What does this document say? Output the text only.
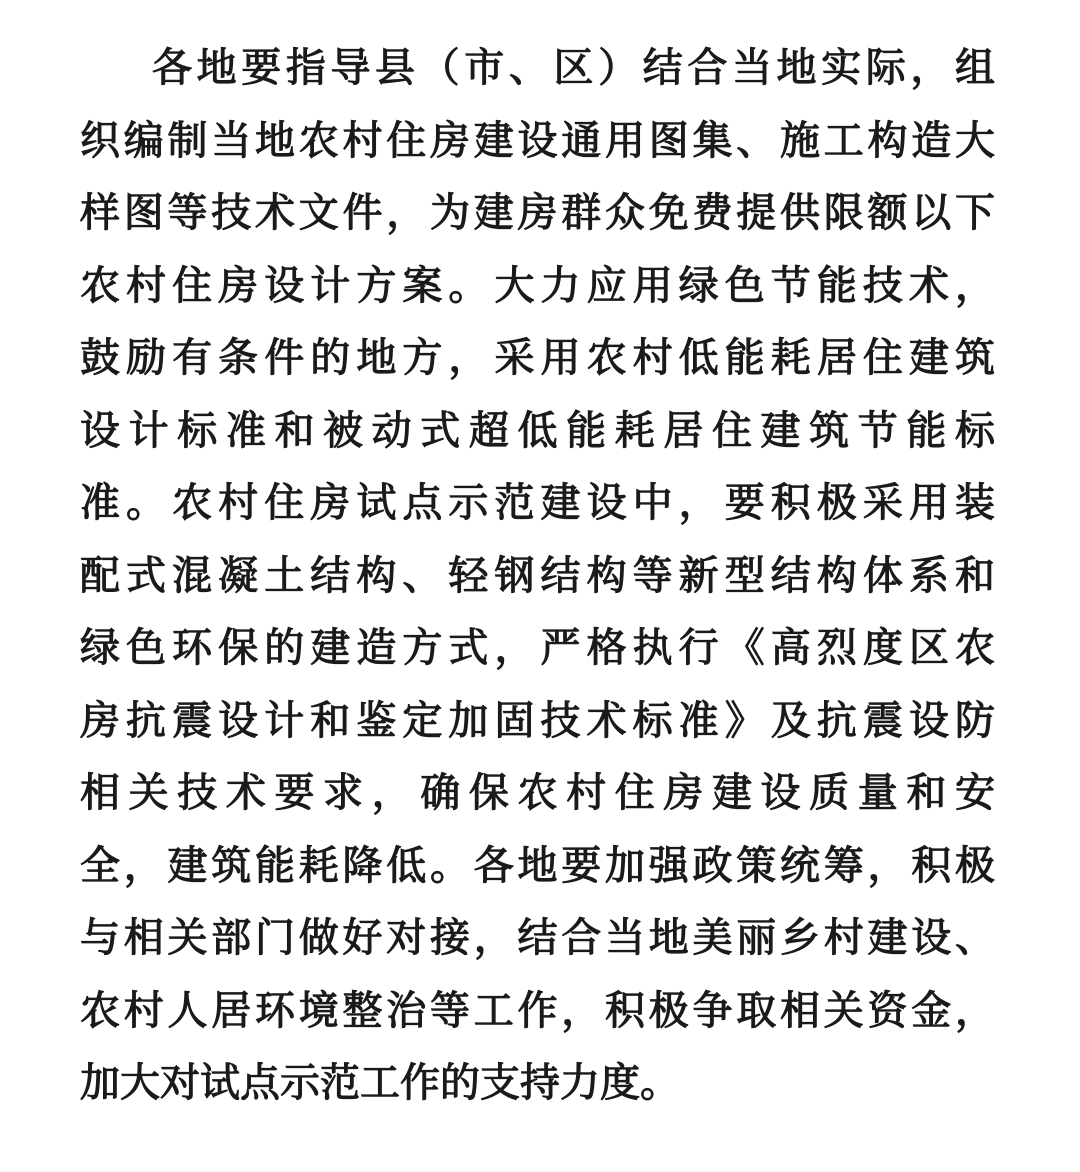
各地要指导县（市、区）结合当地实际，组
织编制当地农村住房建设通用图集、施工构造大
样图等技术文件，为建房群众免费提供限额以下
农村住房设计方案。大力应用绿色节能技术，
鼓励有条件的地方，采用农村低能耗居住建筑
设计标准和被动式超低能耗居住建筑节能标
准。农村住房试点示范建设中，要积极采用装
配式混凝土结构、轻钢结构等新型结构体系和
绿色环保的建造方式，严格执行《高烈度区农
房抗震设计和鉴定加固技术标准》及抗震设防
相关技术要求，确保农村住房建设质量和安
全，建筑能耗降低。各地要加强政策统筹，积极
与相关部门做好对接，结合当地美丽乡村建设、
农村人居环境整治等工作，积极争取相关资金，
加大对试点示范工作的支持力度。
